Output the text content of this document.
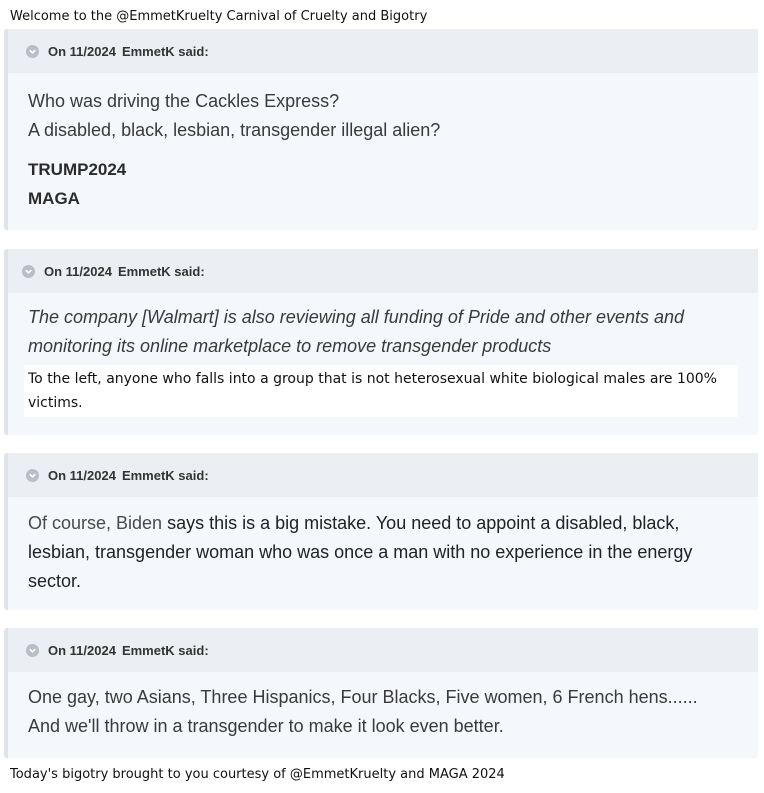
Welcome to the @EmmetKruelty Carnival of Cruelty and Bigotry
On 11/2024 EmmetK said:
Who was driving the Cackles Express?
A disabled, black, lesbian, transgender illegal alien?
TRUMP2024
MAGA
On 11/2024 EmmetK said:
The company [Walmart] is also reviewing all funding of Pride and other events and
monitoring its online marketplace to remove transgender products
To the left, anyone who falls into a group that is not heterosexual white biological males are 100% victims.
On 11/2024 EmmetK said:
Of course, Biden says this is a big mistake. You need to appoint a disabled, black, lesbian, transgender woman who was once a man with no experience in the energy sector.
On 11/2024 EmmetK said:
One gay, two Asians, Three Hispanics, Four Blacks, Five women, 6 French hens......
And we'll throw in a transgender to make it look even better.
Today's bigotry brought to you courtesy of @EmmetKruelty and MAGA 2024
